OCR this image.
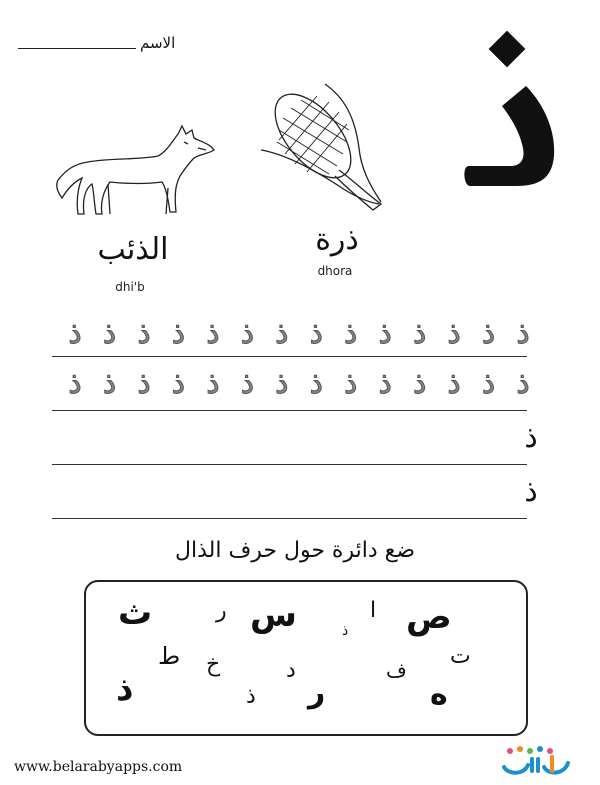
الاسم
الذئب
dhi'b
ذرة
dhora
ذ
ذ
ذ
ذ
ذ
ذ
ذ
ذ
ذ
ذ
ذ
ذ
ذ
ذ
ذ
ذ
ذ
ذ
ذ
ذ
ذ
ذ
ذ
ذ
ذ
ذ
ذ
ذ
ذ
ذ
ضع دائرة حول حرف الذال
ص
ا
س
ر
ث	ذ
ت
ف
د
خ
ط
ه
ر
ذ
ذ
www.belarabyapps.com
